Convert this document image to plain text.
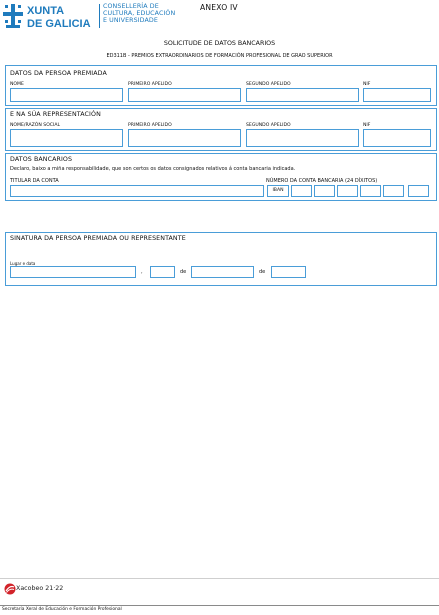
XUNTA
DE GALICIA
CONSELLERÍA DE
CULTURA, EDUCACIÓN
E UNIVERSIDADE
ANEXO IV
SOLICITUDE DE DATOS BANCARIOS
ED311B - PREMIOS EXTRAORDINARIOS DE FORMACIÓN PROFESIONAL DE GRAO SUPERIOR
DATOS DA PERSOA PREMIADA
NOME	PRIMEIRO APELIDO	SEGUNDO APELIDO	NIF
E NA SÚA REPRESENTACIÓN
NOME/RAZÓN SOCIAL	PRIMEIRO APELIDO	SEGUNDO APELIDO	NIF
DATOS BANCARIOS
Declaro, baixo a miña responsabilidade, que son certos os datos consignados relativos á conta bancaria indicada.
TITULAR DA CONTA	NÚMERO DA CONTA BANCARIA (24 DÍXITOS)
IBAN
SINATURA DA PERSOA PREMIADA OU REPRESENTANTE
Lugar e data
,	de	de
Xacobeo 21·22
Secretaría Xeral de Educación e Formación Profesional
